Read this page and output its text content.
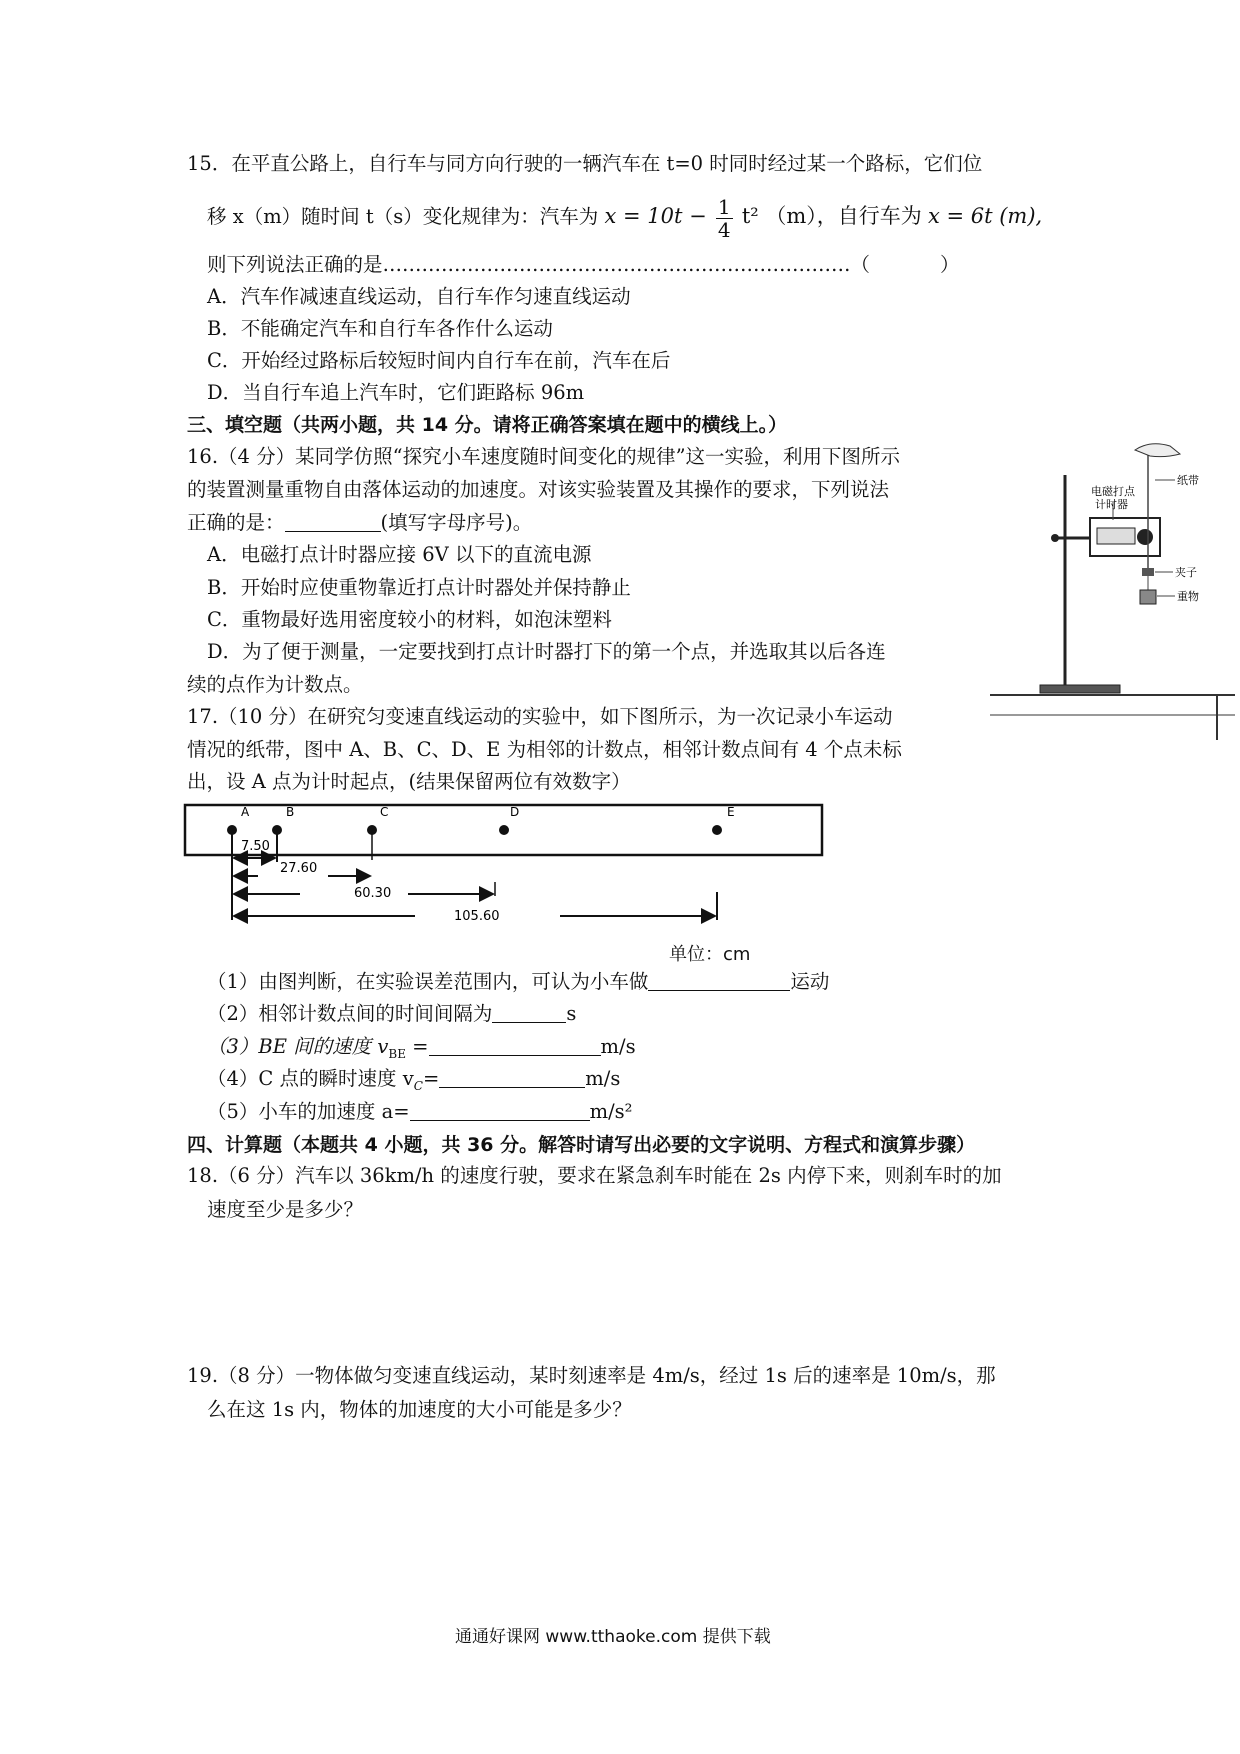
15．在平直公路上，自行车与同方向行驶的一辆汽车在 t=0 时同时经过某一个路标，它们位
移 x（m）随时间 t（s）变化规律为：汽车为 $x = 10t - \frac{1}{4} t^2$ （m），自行车为 x = 6t (m),
则下列说法正确的是………………………………………………………………（	）
A．汽车作减速直线运动，自行车作匀速直线运动
B．不能确定汽车和自行车各作什么运动
C．开始经过路标后较短时间内自行车在前，汽车在后
D．当自行车追上汽车时，它们距路标 96m
三、填空题（共两小题，共 14 分。请将正确答案填在题中的横线上。）
16.（4 分）某同学仿照“探究小车速度随时间变化的规律”这一实验，利用下图所示
的装置测量重物自由落体运动的加速度。对该实验装置及其操作的要求，下列说法
正确的是：	(填写字母序号)。
A．电磁打点计时器应接 6V 以下的直流电源
B．开始时应使重物靠近打点计时器处并保持静止
C．重物最好选用密度较小的材料，如泡沫塑料
D．为了便于测量，一定要找到打点计时器打下的第一个点，并选取其以后各连
续的点作为计数点。
电磁打点
计时器
纸带
夹子
重物
17.（10 分）在研究匀变速直线运动的实验中，如下图所示，为一次记录小车运动
情况的纸带，图中 A、B、C、D、E 为相邻的计数点，相邻计数点间有 4 个点未标
出，设 A 点为计时起点，(结果保留两位有效数字）
A	B	C	D	E
7.50
27.60
60.30
105.60
单位：cm
（1）由图判断，在实验误差范围内，可认为小车做	运动
（2）相邻计数点间的时间间隔为	s
（3）BE 间的速度 $v_{BE}$ =	m/s
（4）C 点的瞬时速度 $v_C=$	m/s
（5）小车的加速度 a=	m/s²
四、计算题（本题共 4 小题，共 36 分。解答时请写出必要的文字说明、方程式和演算步骤）
18.（6 分）汽车以 36km/h 的速度行驶，要求在紧急刹车时能在 2s 内停下来，则刹车时的加
速度至少是多少？
19.（8 分）一物体做匀变速直线运动，某时刻速率是 4m/s，经过 1s 后的速率是 10m/s，那
么在这 1s 内，物体的加速度的大小可能是多少？
通通好课网 www.tthaoke.com 提供下载
